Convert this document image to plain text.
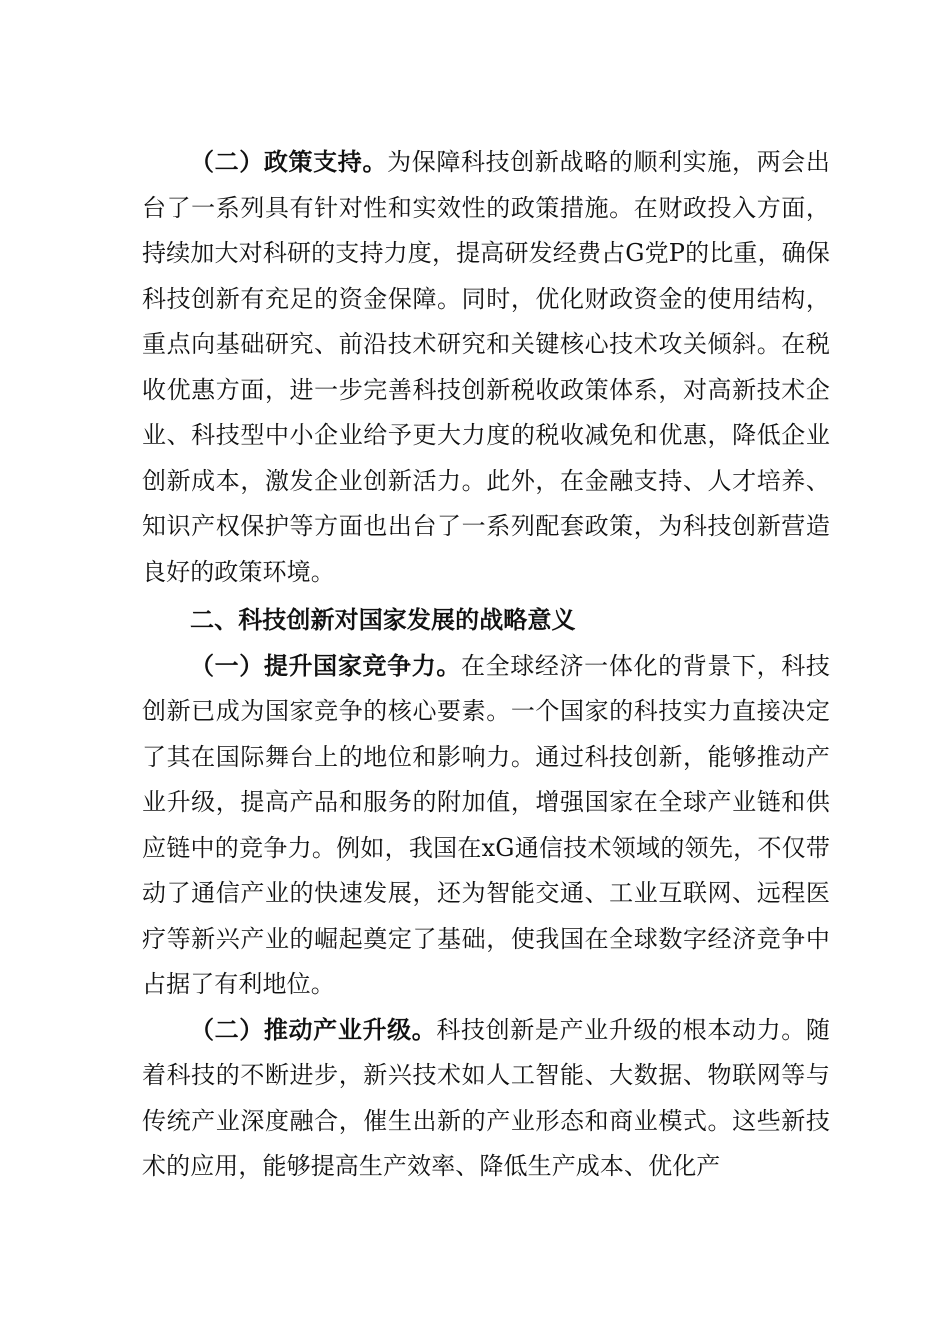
（二）政策支持。为保障科技创新战略的顺利实施，两会出台了一系列具有针对性和实效性的政策措施。在财政投入方面，持续加大对科研的支持力度，提高研发经费占G党P的比重，确保科技创新有充足的资金保障。同时，优化财政资金的使用结构，重点向基础研究、前沿技术研究和关键核心技术攻关倾斜。在税收优惠方面，进一步完善科技创新税收政策体系，对高新技术企业、科技型中小企业给予更大力度的税收减免和优惠，降低企业创新成本，激发企业创新活力。此外，在金融支持、人才培养、知识产权保护等方面也出台了一系列配套政策，为科技创新营造良好的政策环境。

二、科技创新对国家发展的战略意义

（一）提升国家竞争力。在全球经济一体化的背景下，科技创新已成为国家竞争的核心要素。一个国家的科技实力直接决定了其在国际舞台上的地位和影响力。通过科技创新，能够推动产业升级，提高产品和服务的附加值，增强国家在全球产业链和供应链中的竞争力。例如，我国在xG通信技术领域的领先，不仅带动了通信产业的快速发展，还为智能交通、工业互联网、远程医疗等新兴产业的崛起奠定了基础，使我国在全球数字经济竞争中占据了有利地位。

（二）推动产业升级。科技创新是产业升级的根本动力。随着科技的不断进步，新兴技术如人工智能、大数据、物联网等与传统产业深度融合，催生出新的产业形态和商业模式。这些新技术的应用，能够提高生产效率、降低生产成本、优化产
